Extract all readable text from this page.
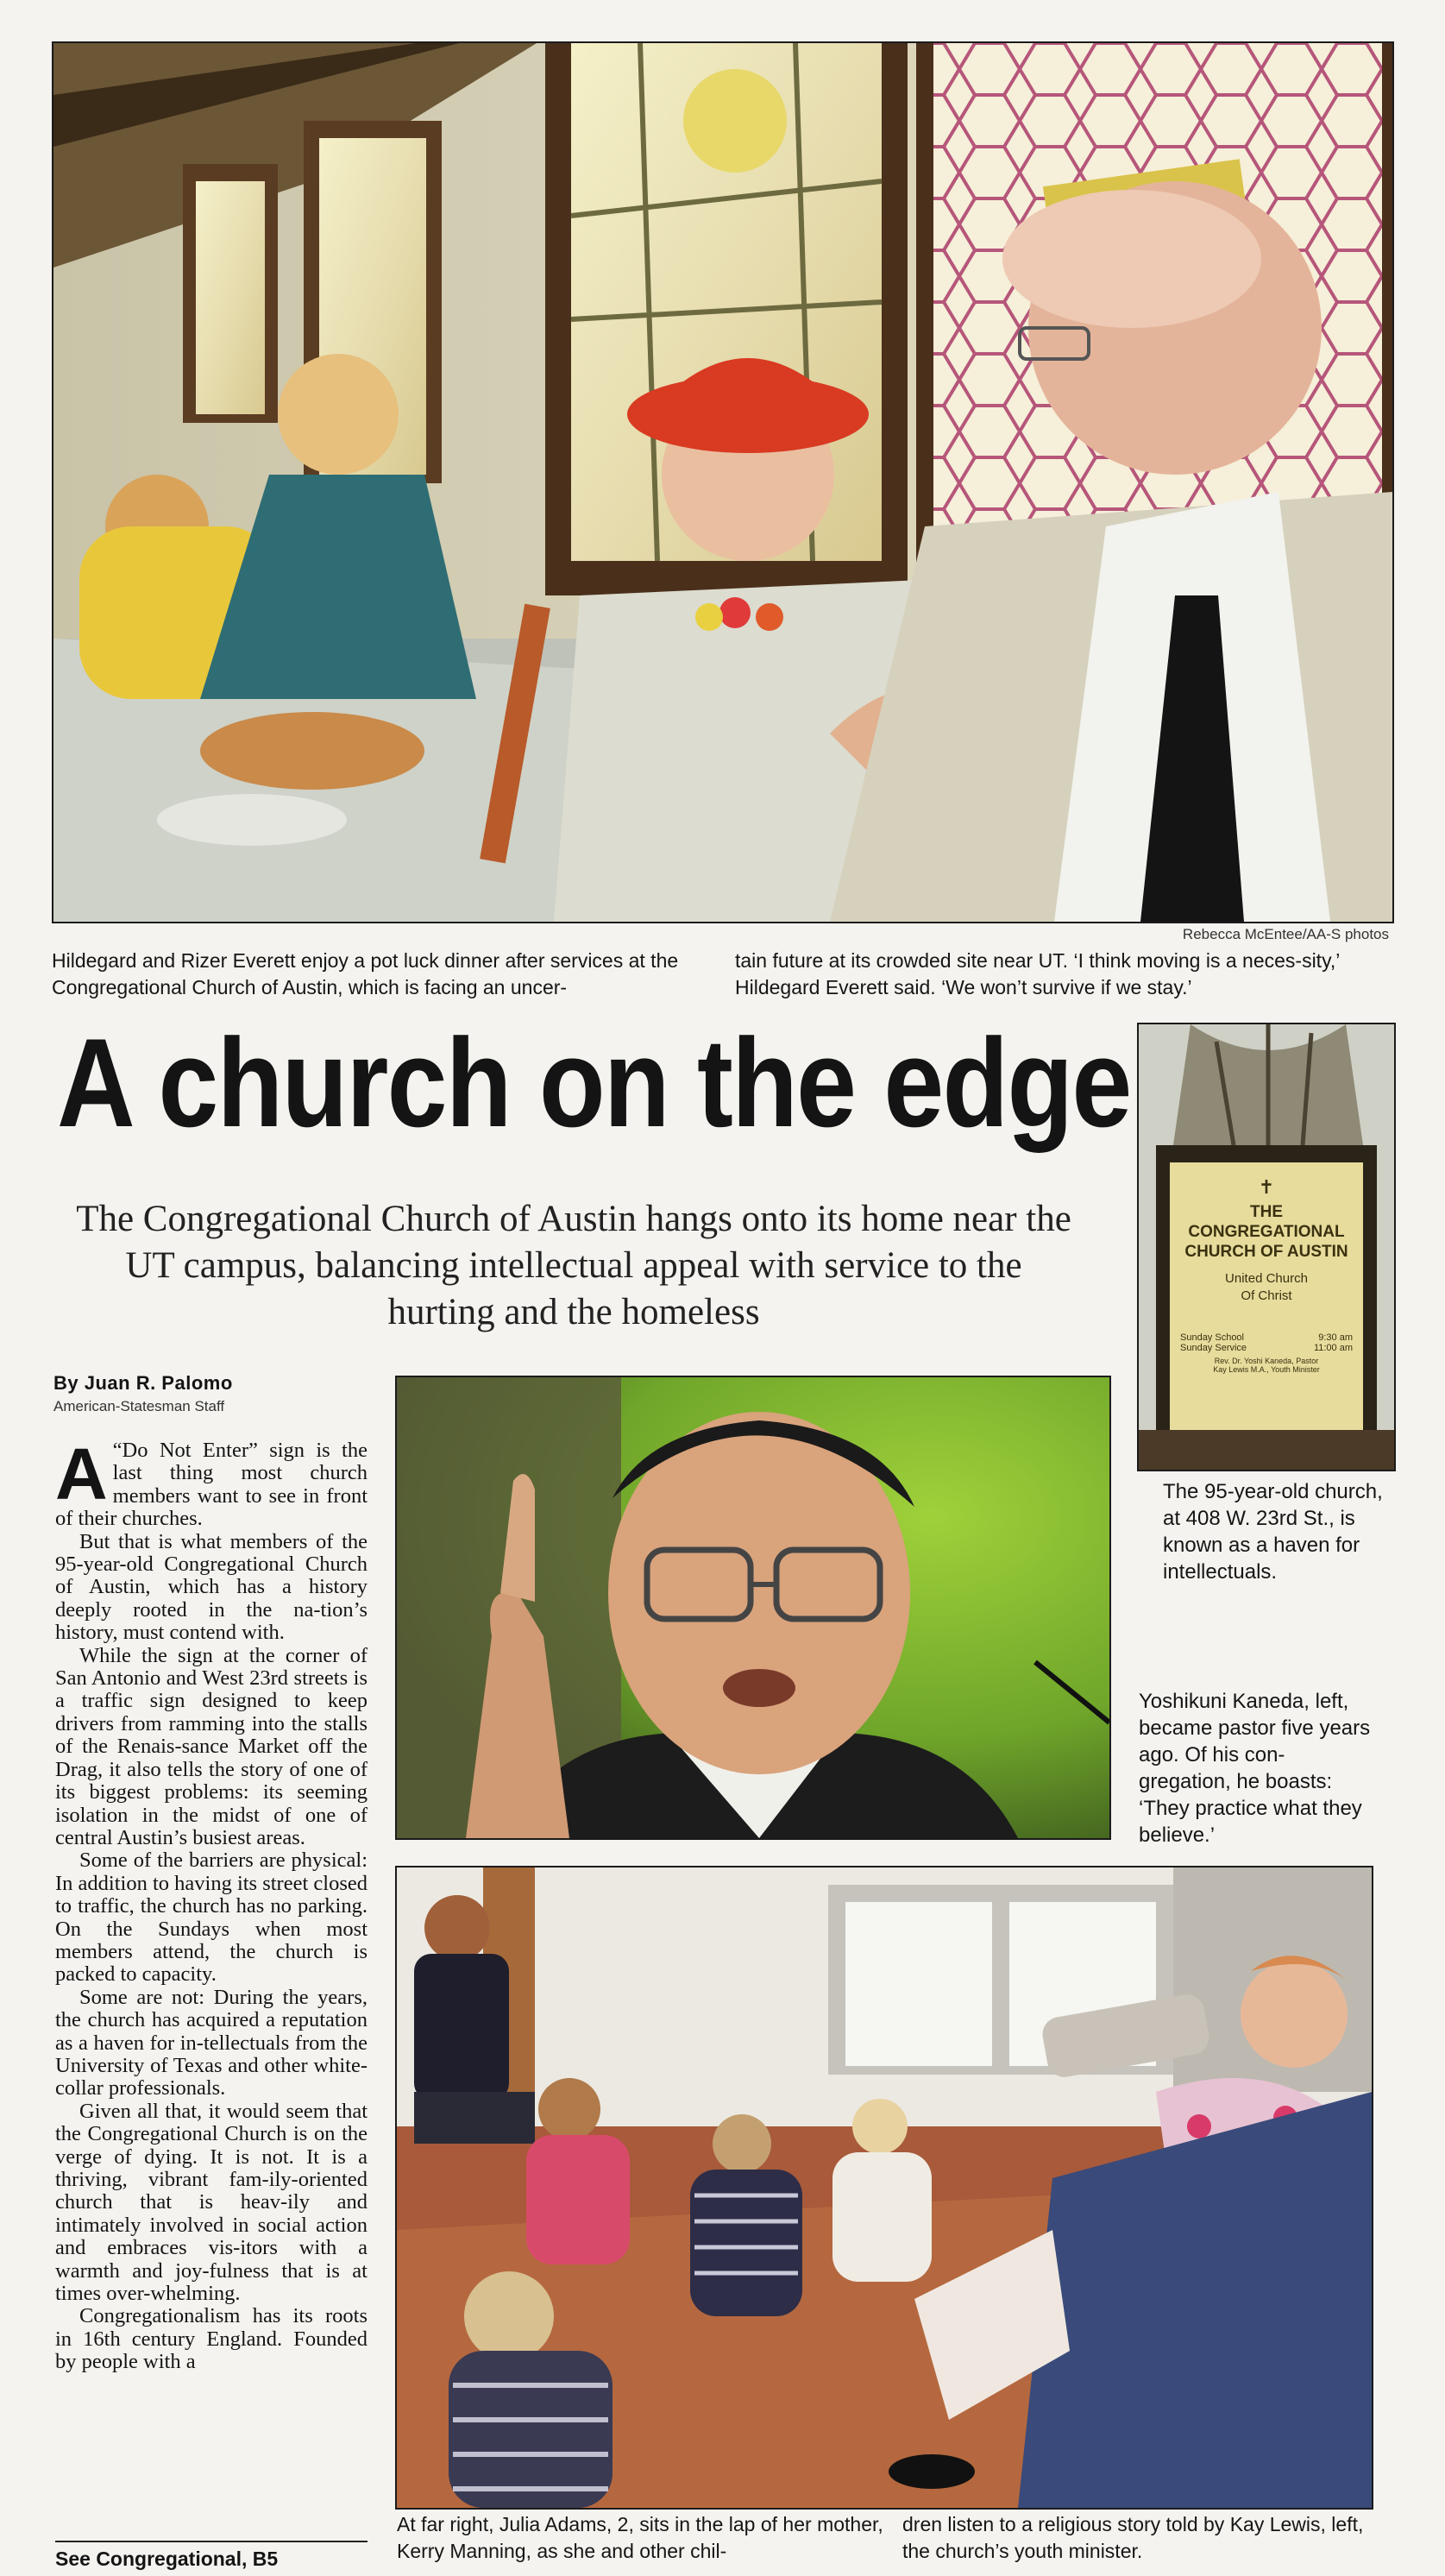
Rebecca McEntee/AA-S photos
Hildegard and Rizer Everett enjoy a pot luck dinner after services at the Congregational Church of Austin, which is facing an uncer-
tain future at its crowded site near UT. ‘I think moving is a neces-sity,’ Hildegard Everett said. ‘We won’t survive if we stay.’
A church on the edge
The Congregational Church of Austin hangs onto its home near the UT campus, balancing intellectual appeal with service to the hurting and the homeless
✝
THE
CONGREGATIONAL
CHURCH OF AUSTIN
United Church
Of Christ
Sunday School	9:30 am
Sunday Service	11:00 am
Rev. Dr. Yoshi Kaneda, Pastor
Kay Lewis M.A., Youth Minister
The 95-year-old church, at 408 W. 23rd St., is known as a haven for intellectuals.
By Juan R. Palomo
American-Statesman Staff
Yoshikuni Kaneda, left, became pastor five years ago. Of his con-gregation, he boasts: ‘They practice what they believe.’

A “Do Not Enter” sign is the last thing most church members want to see in front of their churches.

But that is what members of the 95-year-old Congregational Church of Austin, which has a history deeply rooted in the na-tion’s history, must contend with.

While the sign at the corner of San Antonio and West 23rd streets is a traffic sign designed to keep drivers from ramming into the stalls of the Renais-sance Market off the Drag, it also tells the story of one of its biggest problems: its seeming isolation in the midst of one of central Austin’s busiest areas.

Some of the barriers are physical: In addition to having its street closed to traffic, the church has no parking. On the Sundays when most members attend, the church is packed to capacity.

Some are not: During the years, the church has acquired a reputation as a haven for in-tellectuals from the University of Texas and other white-collar professionals.

Given all that, it would seem that the Congregational Church is on the verge of dying. It is not. It is a thriving, vibrant fam-ily-oriented church that is heav-ily and intimately involved in social action and embraces vis-itors with a warmth and joy-fulness that is at times over-whelming.

Congregationalism has its roots in 16th century England. Founded by people with a

See Congregational, B5
At far right, Julia Adams, 2, sits in the lap of her mother, Kerry Manning, as she and other chil-
dren listen to a religious story told by Kay Lewis, left, the church’s youth minister.
